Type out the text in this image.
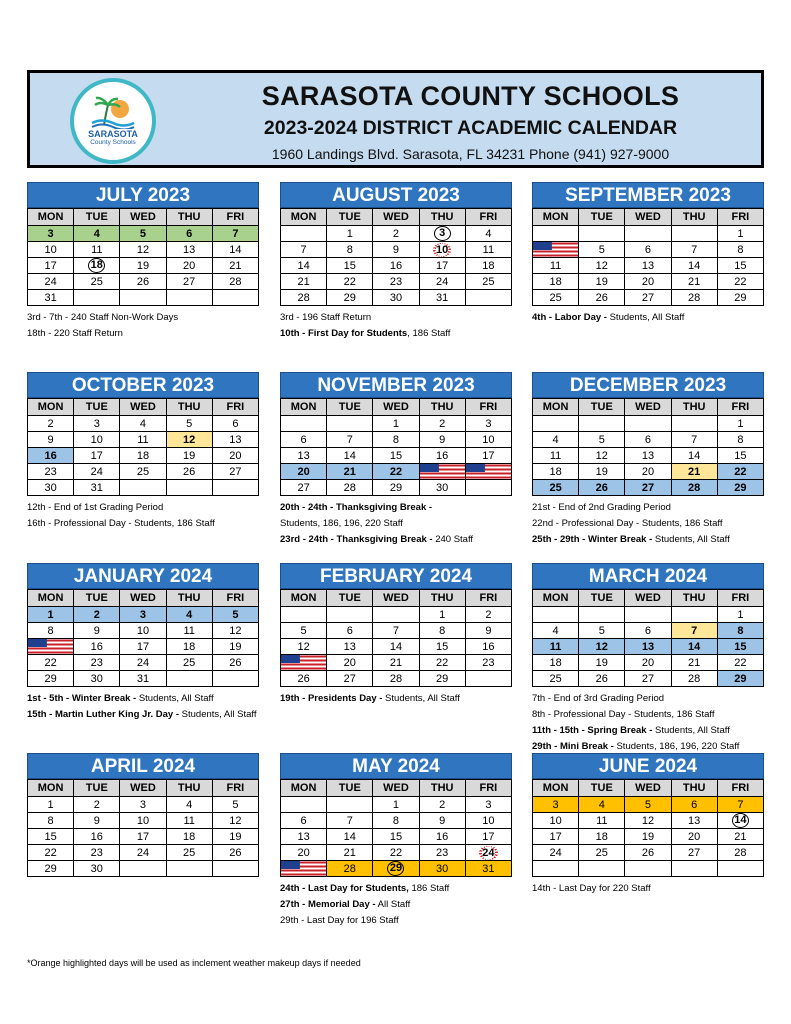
SARASOTA
County Schools
SARASOTA COUNTY SCHOOLS
2023-2024 DISTRICT ACADEMIC CALENDAR
1960 Landings Blvd. Sarasota, FL 34231 Phone (941) 927-9000
JULY 2023
MON	TUE	WED	THU	FRI
3	4	5	6	7
10	11	12	13	14
17	18	19	20	21
24	25	26	27	28
31				
3rd - 7th - 240 Staff Non-Work Days
18th - 220 Staff Return
AUGUST 2023
MON	TUE	WED	THU	FRI
	1	2	3	4
7	8	9	10	11
14	15	16	17	18
21	22	23	24	25
28	29	30	31	
3rd - 196 Staff Return
10th - First Day for Students, 186 Staff
SEPTEMBER 2023
MON	TUE	WED	THU	FRI
				1
	5	6	7	8
11	12	13	14	15
18	19	20	21	22
25	26	27	28	29
4th - Labor Day - Students, All Staff
OCTOBER 2023
MON	TUE	WED	THU	FRI
2	3	4	5	6
9	10	11	12	13
16	17	18	19	20
23	24	25	26	27
30	31			
12th - End of 1st Grading Period
16th - Professional Day - Students, 186 Staff
NOVEMBER 2023
MON	TUE	WED	THU	FRI
		1	2	3
6	7	8	9	10
13	14	15	16	17
20	21	22		
27	28	29	30	
20th - 24th - Thanksgiving Break -
Students, 186, 196, 220 Staff
23rd - 24th - Thanksgiving Break - 240 Staff
DECEMBER 2023
MON	TUE	WED	THU	FRI
				1
4	5	6	7	8
11	12	13	14	15
18	19	20	21	22
25	26	27	28	29
21st - End of 2nd Grading Period
22nd - Professional Day - Students, 186 Staff
25th - 29th - Winter Break - Students, All Staff
JANUARY 2024
MON	TUE	WED	THU	FRI
1	2	3	4	5
8	9	10	11	12
	16	17	18	19
22	23	24	25	26
29	30	31		
1st - 5th - Winter Break - Students, All Staff
15th - Martin Luther King Jr. Day - Students, All Staff
FEBRUARY 2024
MON	TUE	WED	THU	FRI
			1	2
5	6	7	8	9
12	13	14	15	16
	20	21	22	23
26	27	28	29	
19th - Presidents Day - Students, All Staff
MARCH 2024
MON	TUE	WED	THU	FRI
				1
4	5	6	7	8
11	12	13	14	15
18	19	20	21	22
25	26	27	28	29
7th - End of 3rd Grading Period
8th - Professional Day - Students, 186 Staff
11th - 15th - Spring Break - Students, All Staff
29th - Mini Break - Students, 186, 196, 220 Staff
APRIL 2024
MON	TUE	WED	THU	FRI
1	2	3	4	5
8	9	10	11	12
15	16	17	18	19
22	23	24	25	26
29	30			
MAY 2024
MON	TUE	WED	THU	FRI
		1	2	3
6	7	8	9	10
13	14	15	16	17
20	21	22	23	24
	28	29	30	31
24th - Last Day for Students, 186 Staff
27th - Memorial Day - All Staff
29th - Last Day for 196 Staff
JUNE 2024
MON	TUE	WED	THU	FRI
3	4	5	6	7
10	11	12	13	14
17	18	19	20	21
24	25	26	27	28

14th - Last Day for 220 Staff
*Orange highlighted days will be used as inclement weather makeup days if needed
